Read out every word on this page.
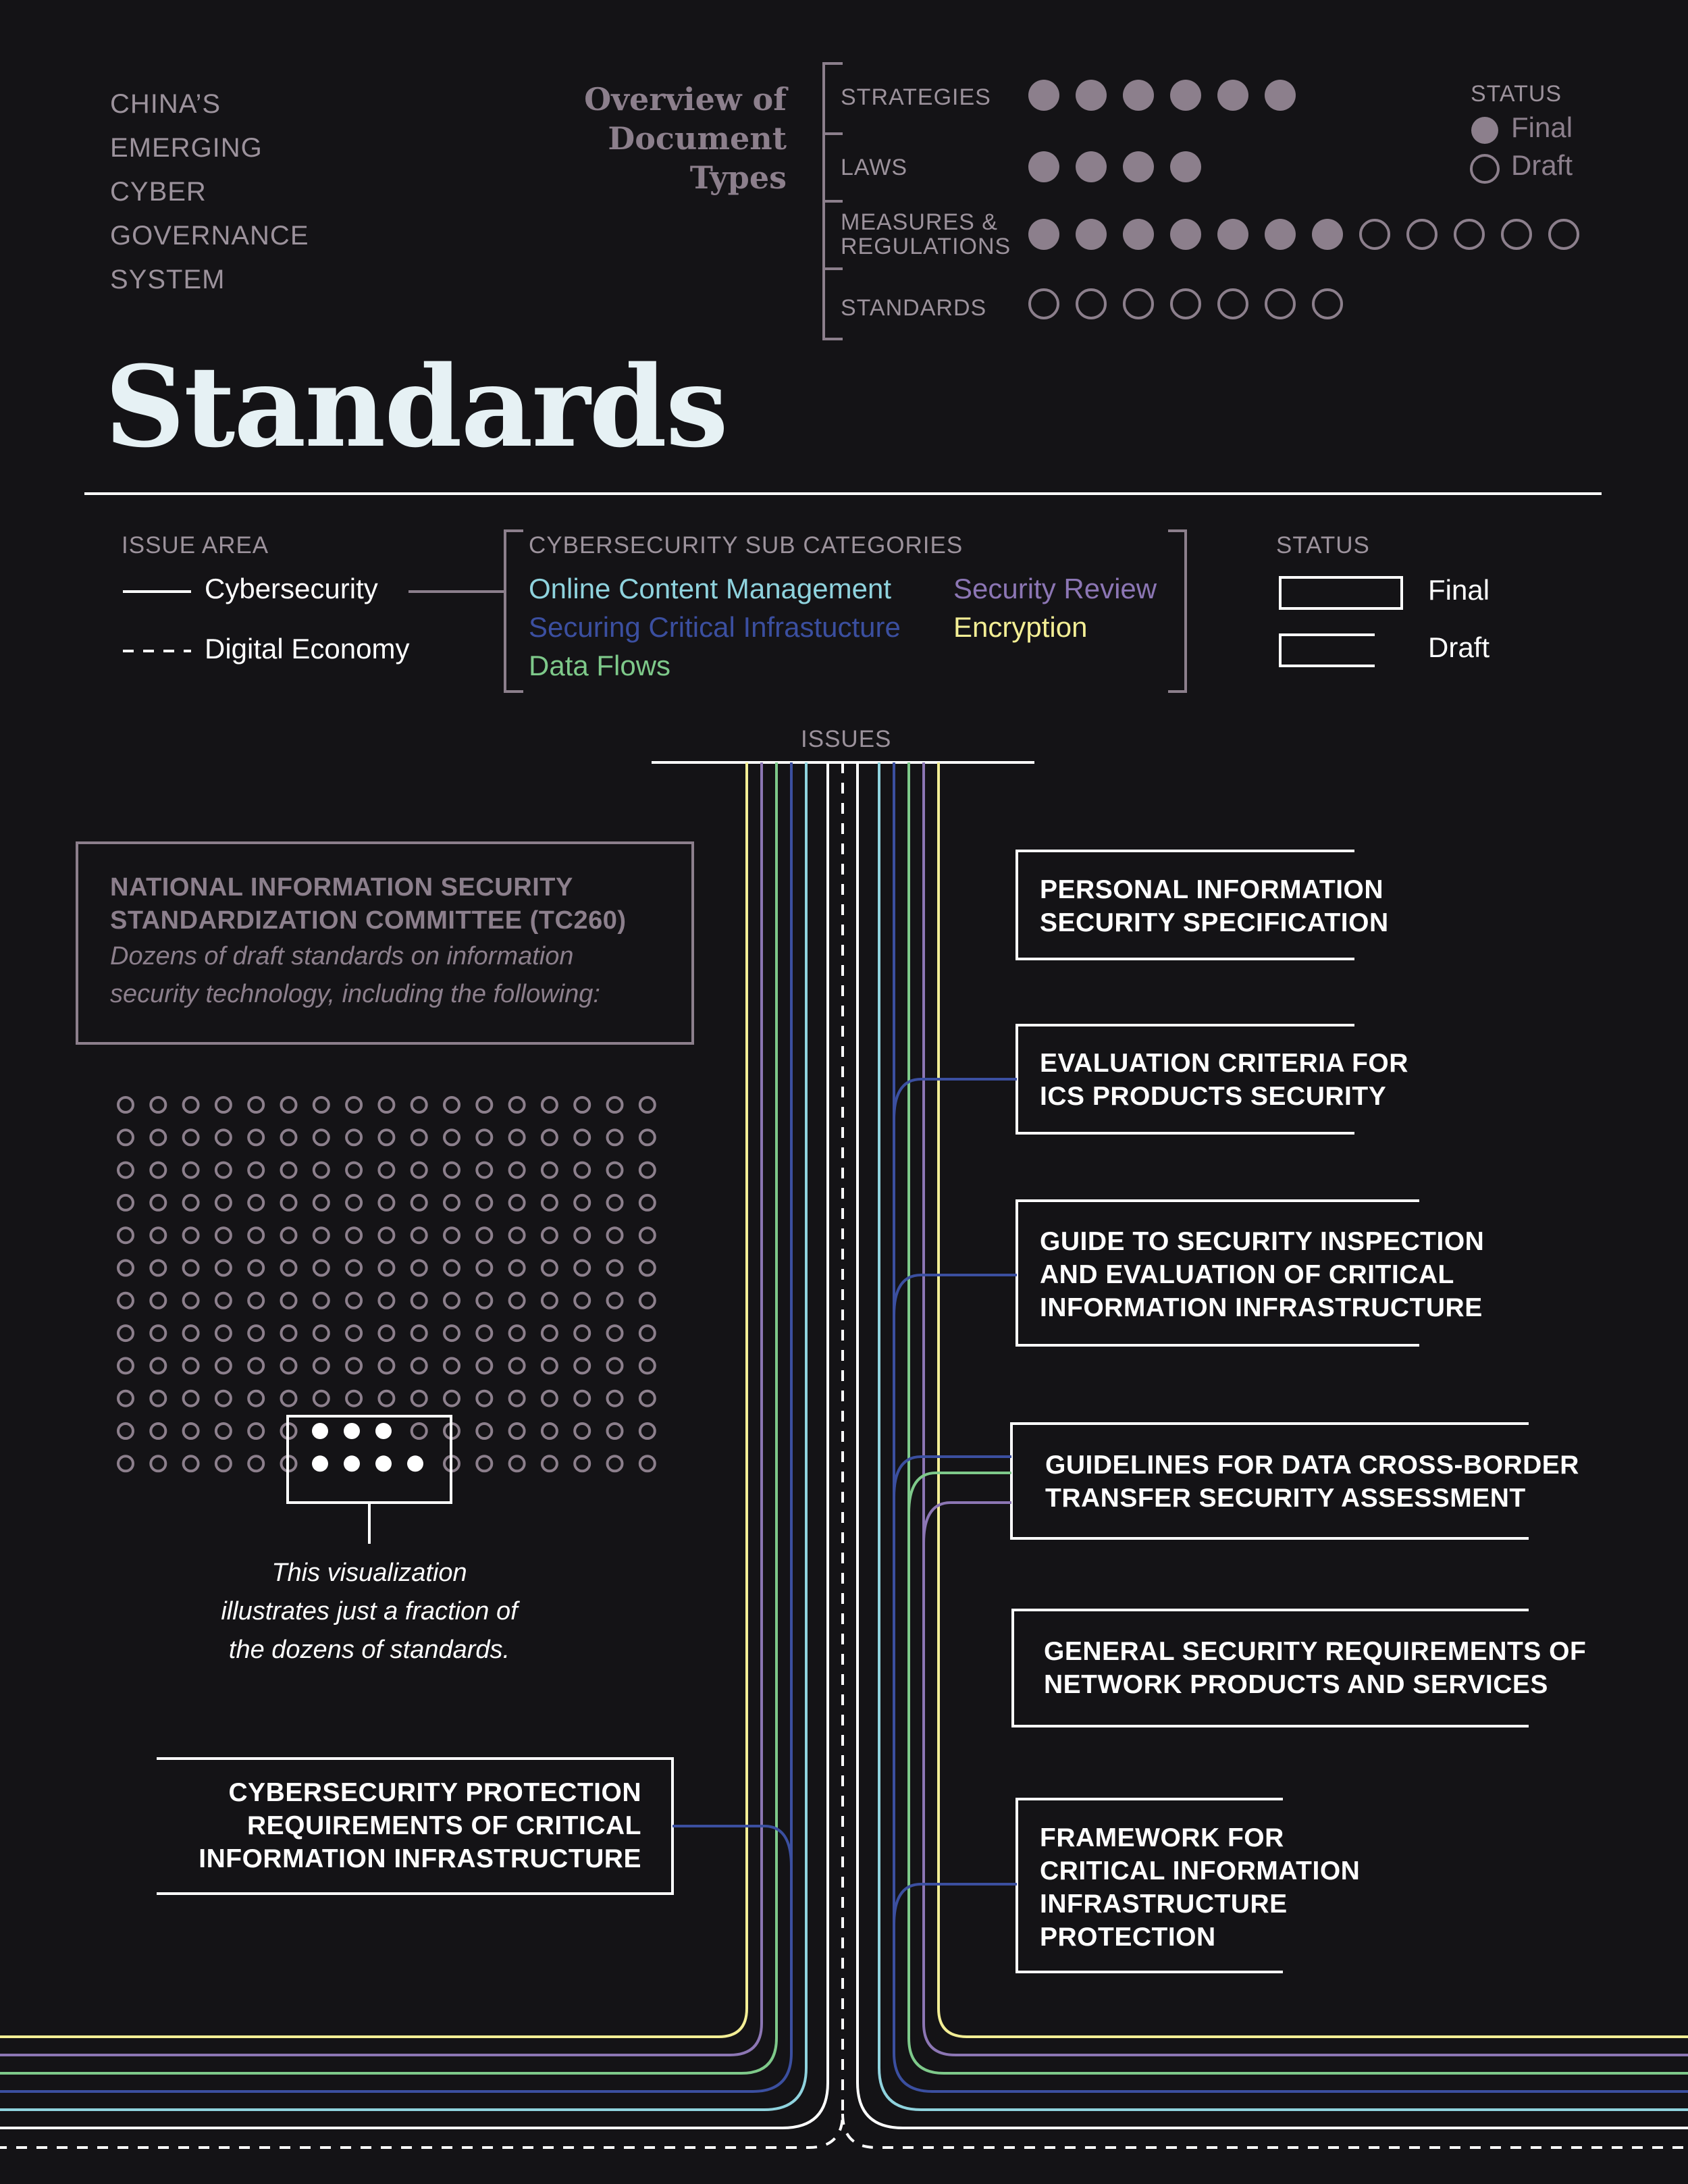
CHINA’S
EMERGING
CYBER
GOVERNANCE
SYSTEM
Overview of
Document
Types
STRATEGIES
LAWS
MEASURES &
REGULATIONS
STANDARDS
STATUS
Final
Draft
Standards
ISSUE AREA
Cybersecurity
Digital Economy
CYBERSECURITY SUB CATEGORIES
Online Content Management Security Review
Securing Critical Infrastucture Encryption
Data Flows
STATUS
Final
Draft
ISSUES
NATIONAL INFORMATION SECURITY
STANDARDIZATION COMMITTEE (TC260)
Dozens of draft standards on information
security technology, including the following:
This visualization
illustrates just a fraction of
the dozens of standards.
PERSONAL INFORMATION
SECURITY SPECIFICATION
EVALUATION CRITERIA FOR
ICS PRODUCTS SECURITY
GUIDE TO SECURITY INSPECTION
AND EVALUATION OF CRITICAL
INFORMATION INFRASTRUCTURE
GUIDELINES FOR DATA CROSS-BORDER
TRANSFER SECURITY ASSESSMENT
GENERAL SECURITY REQUIREMENTS OF
NETWORK PRODUCTS AND SERVICES
FRAMEWORK FOR
CRITICAL INFORMATION
INFRASTRUCTURE
PROTECTION
CYBERSECURITY PROTECTION
REQUIREMENTS OF CRITICAL
INFORMATION INFRASTRUCTURE
